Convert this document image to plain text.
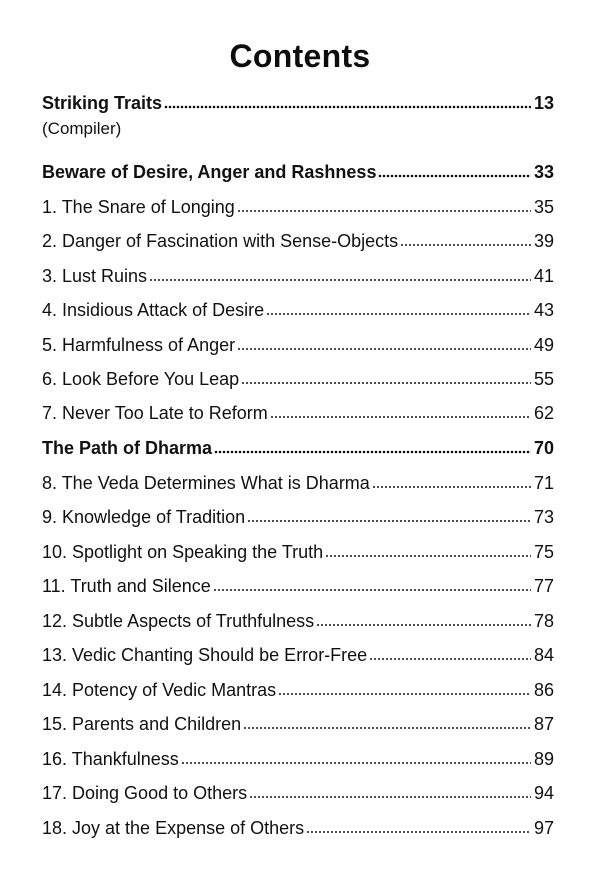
Contents
Striking Traits	13
(Compiler)
Beware of Desire, Anger and Rashness	33
1. The Snare of Longing	35
2. Danger of Fascination with Sense-Objects	39
3. Lust Ruins	41
4. Insidious Attack of Desire	43
5. Harmfulness of Anger	49
6. Look Before You Leap	55
7. Never Too Late to Reform	62
The Path of Dharma	70
8. The Veda Determines What is Dharma	71
9. Knowledge of Tradition	73
10. Spotlight on Speaking the Truth	75
11. Truth and Silence	77
12. Subtle Aspects of Truthfulness	78
13. Vedic Chanting Should be Error-Free	84
14. Potency of Vedic Mantras	86
15. Parents and Children	87
16. Thankfulness	89
17. Doing Good to Others	94
18. Joy at the Expense of Others	97
